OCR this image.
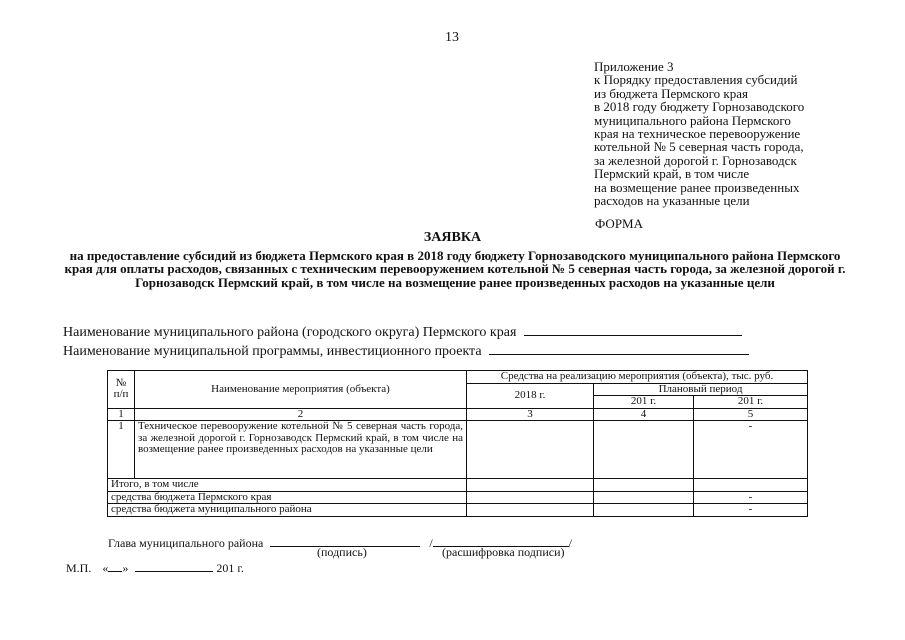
13
Приложение 3
к Порядку предоставления субсидий
из бюджета Пермского края
в 2018 году бюджету Горнозаводского
муниципального района Пермского
края на техническое перевооружение
котельной № 5 северная часть города,
за железной дорогой г. Горнозаводск
Пермский край, в том числе
на возмещение ранее произведенных
расходов на указанные цели
ФОРМА
ЗАЯВКА
на предоставление субсидий из бюджета Пермского края в 2018 году бюджету Горнозаводского муниципального района Пермского края для оплаты расходов, связанных с техническим перевооружением котельной № 5 северная часть города, за железной дорогой г. Горнозаводск Пермский край, в том числе на возмещение ранее произведенных расходов на указанные цели
Наименование муниципального района (городского округа) Пермского края
Наименование муниципальной программы, инвестиционного проекта
№ п/п	Наименование мероприятия (объекта)	Средства на реализацию мероприятия (объекта), тыс. руб.		
		2018 г.	Плановый период	
			201 г.	201 г.
1	2	3	4	5
1	Техническое перевооружение котельной № 5 северная часть города, за железной дорогой г. Горнозаводск Пермский край, в том числе на возмещение ранее произведенных расходов на указанные цели			-
Итого, в том числе				
средства бюджета Пермского края				-
средства бюджета муниципального района				-
Глава муниципального района	/	/
(подпись)	(расшифровка подписи)
М.П. « »	201 г.
